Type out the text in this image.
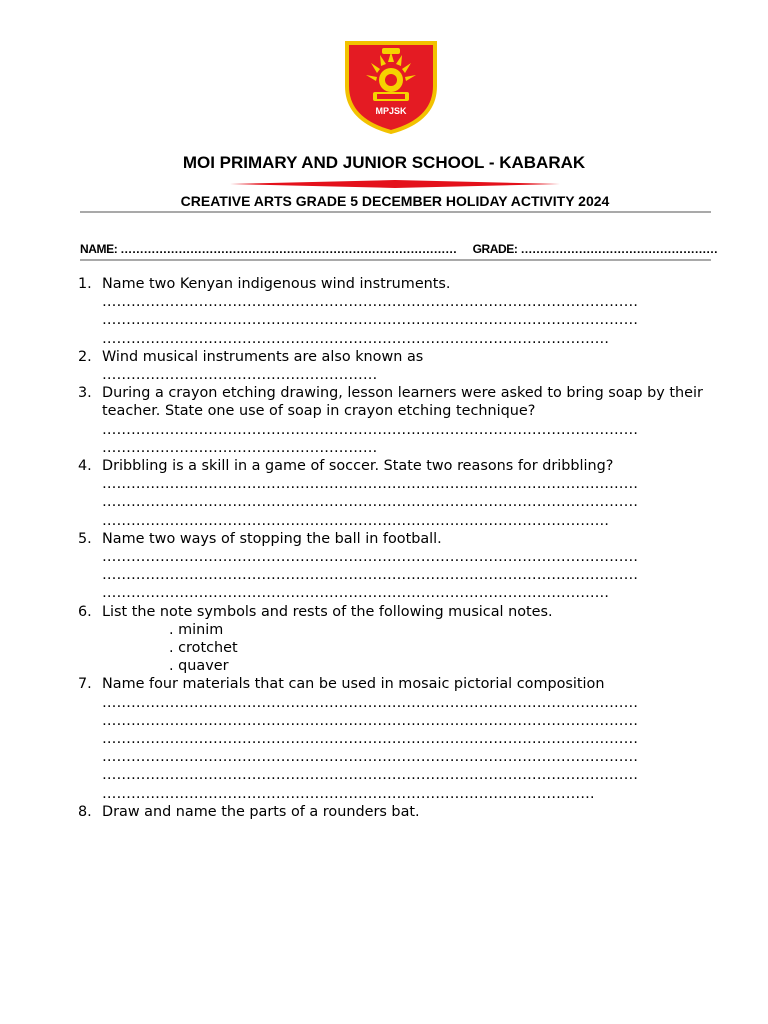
MPJSK
MOI PRIMARY AND JUNIOR SCHOOL - KABARAK
CREATIVE ARTS GRADE 5 DECEMBER HOLIDAY ACTIVITY 2024
NAME: …………………………………………………………………………… GRADE: ……………………………………………
1. Name two Kenyan indigenous wind instruments.
…………………………………………………………………………………………………
…………………………………………………………………………………………………
……………………………………………………………………………………………
2. Wind musical instruments are also known as
…………………………………………………
3. During a crayon etching drawing, lesson learners were asked to bring soap by their teacher. State one use of soap in crayon etching technique?
…………………………………………………………………………………………………
…………………………………………………
4. Dribbling is a skill in a game of soccer. State two reasons for dribbling?
…………………………………………………………………………………………………
…………………………………………………………………………………………………
……………………………………………………………………………………………
5. Name two ways of stopping the ball in football.
…………………………………………………………………………………………………
…………………………………………………………………………………………………
……………………………………………………………………………………………
6. List the note symbols and rests of the following musical notes.
. minim
. crotchet
. quaver
7. Name four materials that can be used in mosaic pictorial composition
…………………………………………………………………………………………………
…………………………………………………………………………………………………
…………………………………………………………………………………………………
…………………………………………………………………………………………………
…………………………………………………………………………………………………
…………………………………………………………………………………………
8. Draw and name the parts of a rounders bat.
